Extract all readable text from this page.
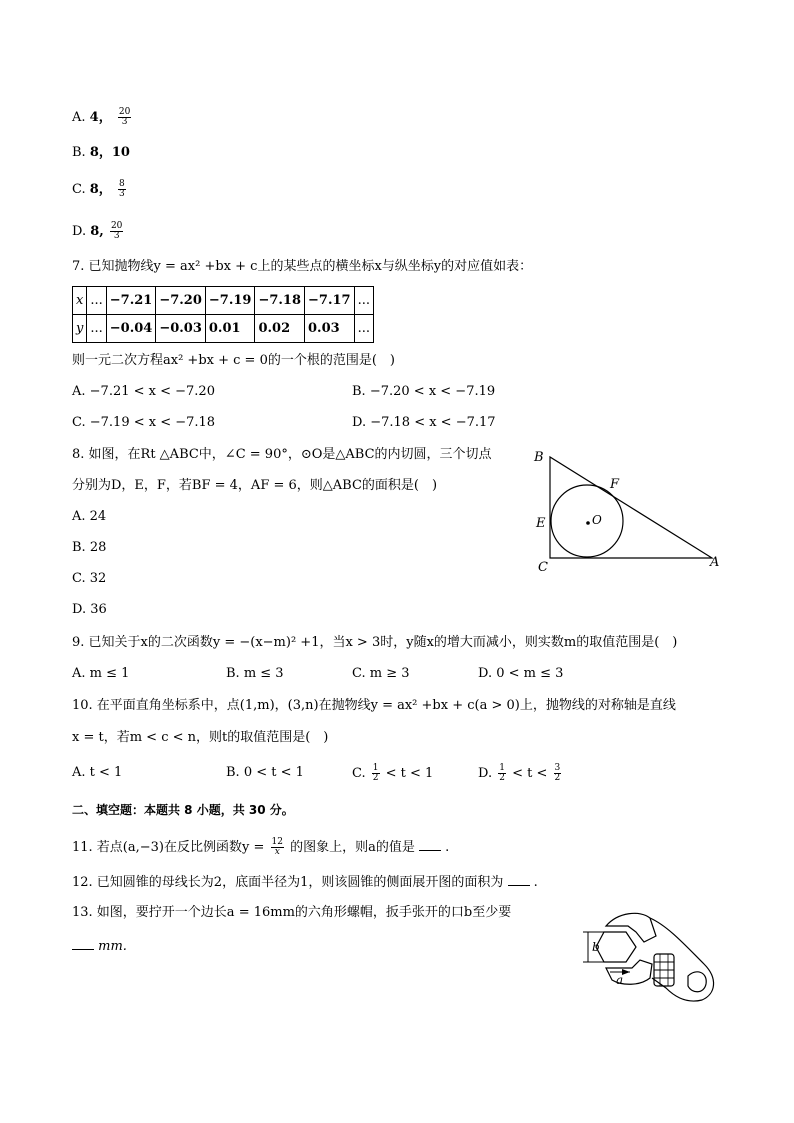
A. 4， $\frac{20}{3}$
B. 8，10
C. 8， $\frac{8}{3}$
D. 8, $\frac{20}{3}$
7. 已知抛物线y = ax² +bx + c上的某些点的横坐标x与纵坐标y的对应值如表：
x	...	−7.21	−7.20	−7.19	−7.18	−7.17	...
y	...	−0.04	−0.03	0.01	0.02	0.03	...
则一元二次方程ax² +bx + c = 0的一个根的范围是(　)
A. −7.21 < x < −7.20	B. −7.20 < x < −7.19
C. −7.19 < x < −7.18	D. −7.18 < x < −7.17
8. 如图，在Rt △ABC中，∠C = 90°，⊙O是△ABC的内切圆，三个切点
分别为D，E，F，若BF = 4，AF = 6，则△ABC的面积是(　)
A. 24
B. 28
C. 32
D. 36
B
F
E	O
C	A
9. 已知关于x的二次函数y = −(x−m)² +1，当x > 3时，y随x的增大而减小，则实数m的取值范围是(　)
A. m ≤ 1	B. m ≤ 3	C. m ≥ 3	D. 0 < m ≤ 3
10. 在平面直角坐标系中，点(1,m)，(3,n)在抛物线y = ax² +bx + c(a > 0)上，抛物线的对称轴是直线
x = t，若m < c < n，则t的取值范围是(　)
A. t < 1	B. 0 < t < 1	C. $\frac{1}{2} < t < 1$	D. $\frac{1}{2} < t < \frac{3}{2}$
二、填空题：本题共 8 小题，共 30 分。
11. 若点(a,−3)在反比例函数$y = \frac{12}{x}$ 的图象上，则a的值是 .
12. 已知圆锥的母线长为2，底面半径为1，则该圆锥的侧面展开图的面积为 .
13. 如图，要拧开一个边长a = 16mm的六角形螺帽，扳手张开的口b至少要
mm.	b
a
